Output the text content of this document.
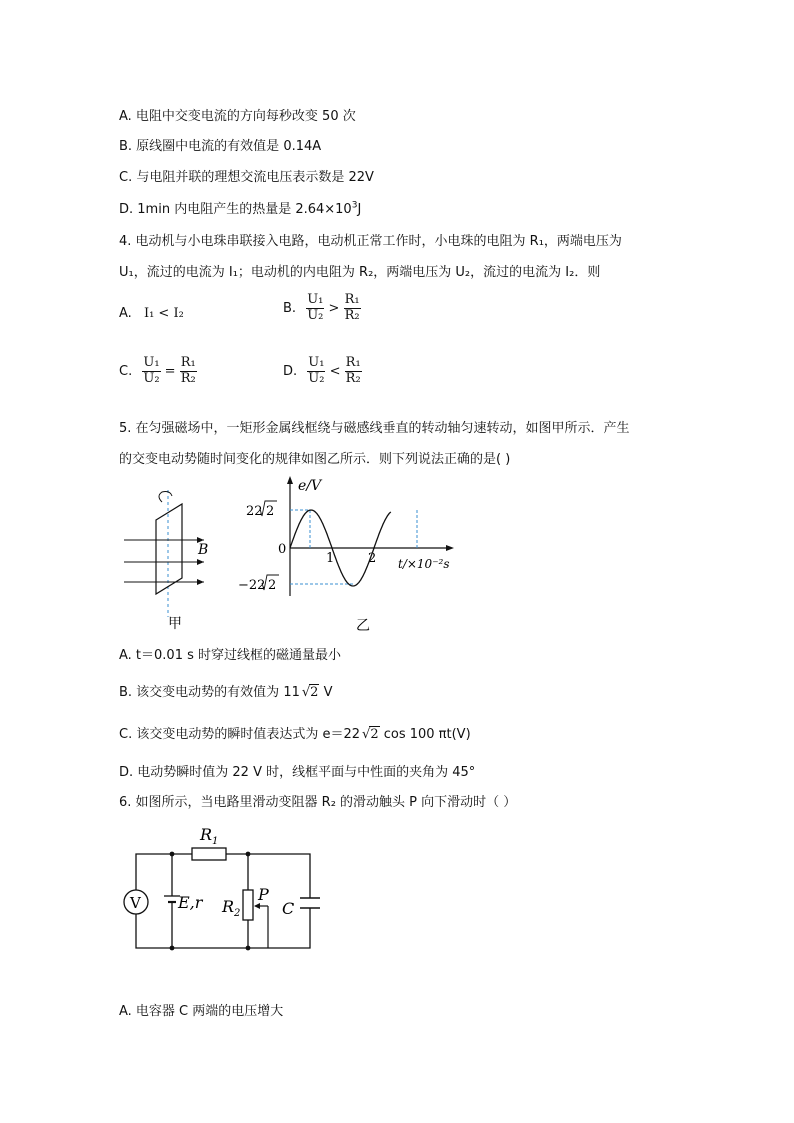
A. 电阻中交变电流的方向每秒改变 50 次
B. 原线圈中电流的有效值是 0.14A
C. 与电阻并联的理想交流电压表示数是 22V
D. 1min 内电阻产生的热量是 $2.64\times 10^3J$
4. 电动机与小电珠串联接入电路，电动机正常工作时，小电珠的电阻为 R₁，两端电压为
U₁，流过的电流为 I₁；电动机的内电阻为 R₂，两端电压为 U₂，流过的电流为 I₂．则
A. I₁ < I₂	B. $\frac{\text{U₁}}{\text{U₂}} > \frac{\text{R₁}}{\text{R₂}}$
C. $\frac{\text{U₁}}{\text{U₂}} = \frac{\text{R₁}}{\text{R₂}}$	D. $\frac{\text{U₁}}{\text{U₂}} < \frac{\text{R₁}}{\text{R₂}}$
5. 在匀强磁场中，一矩形金属线框绕与磁感线垂直的转动轴匀速转动，如图甲所示．产生
的交变电动势随时间变化的规律如图乙所示．则下列说法正确的是( )
B
甲
e/V
t/×10⁻²s
0
1	2
22 2
−22 2
乙
A. t＝0.01 s 时穿过线框的磁通量最小
B. 该交变电动势的有效值为 11 √2 V
C. 该交变电动势的瞬时值表达式为 e＝22 √2 cos 100 πt(V)
D. 电动势瞬时值为 22 V 时，线框平面与中性面的夹角为 45°
6. 如图所示，当电路里滑动变阻器 R₂ 的滑动触头 P 向下滑动时（ ）
$R_1$
V E,r $R_2$
P
C
A. 电容器 C 两端的电压增大
